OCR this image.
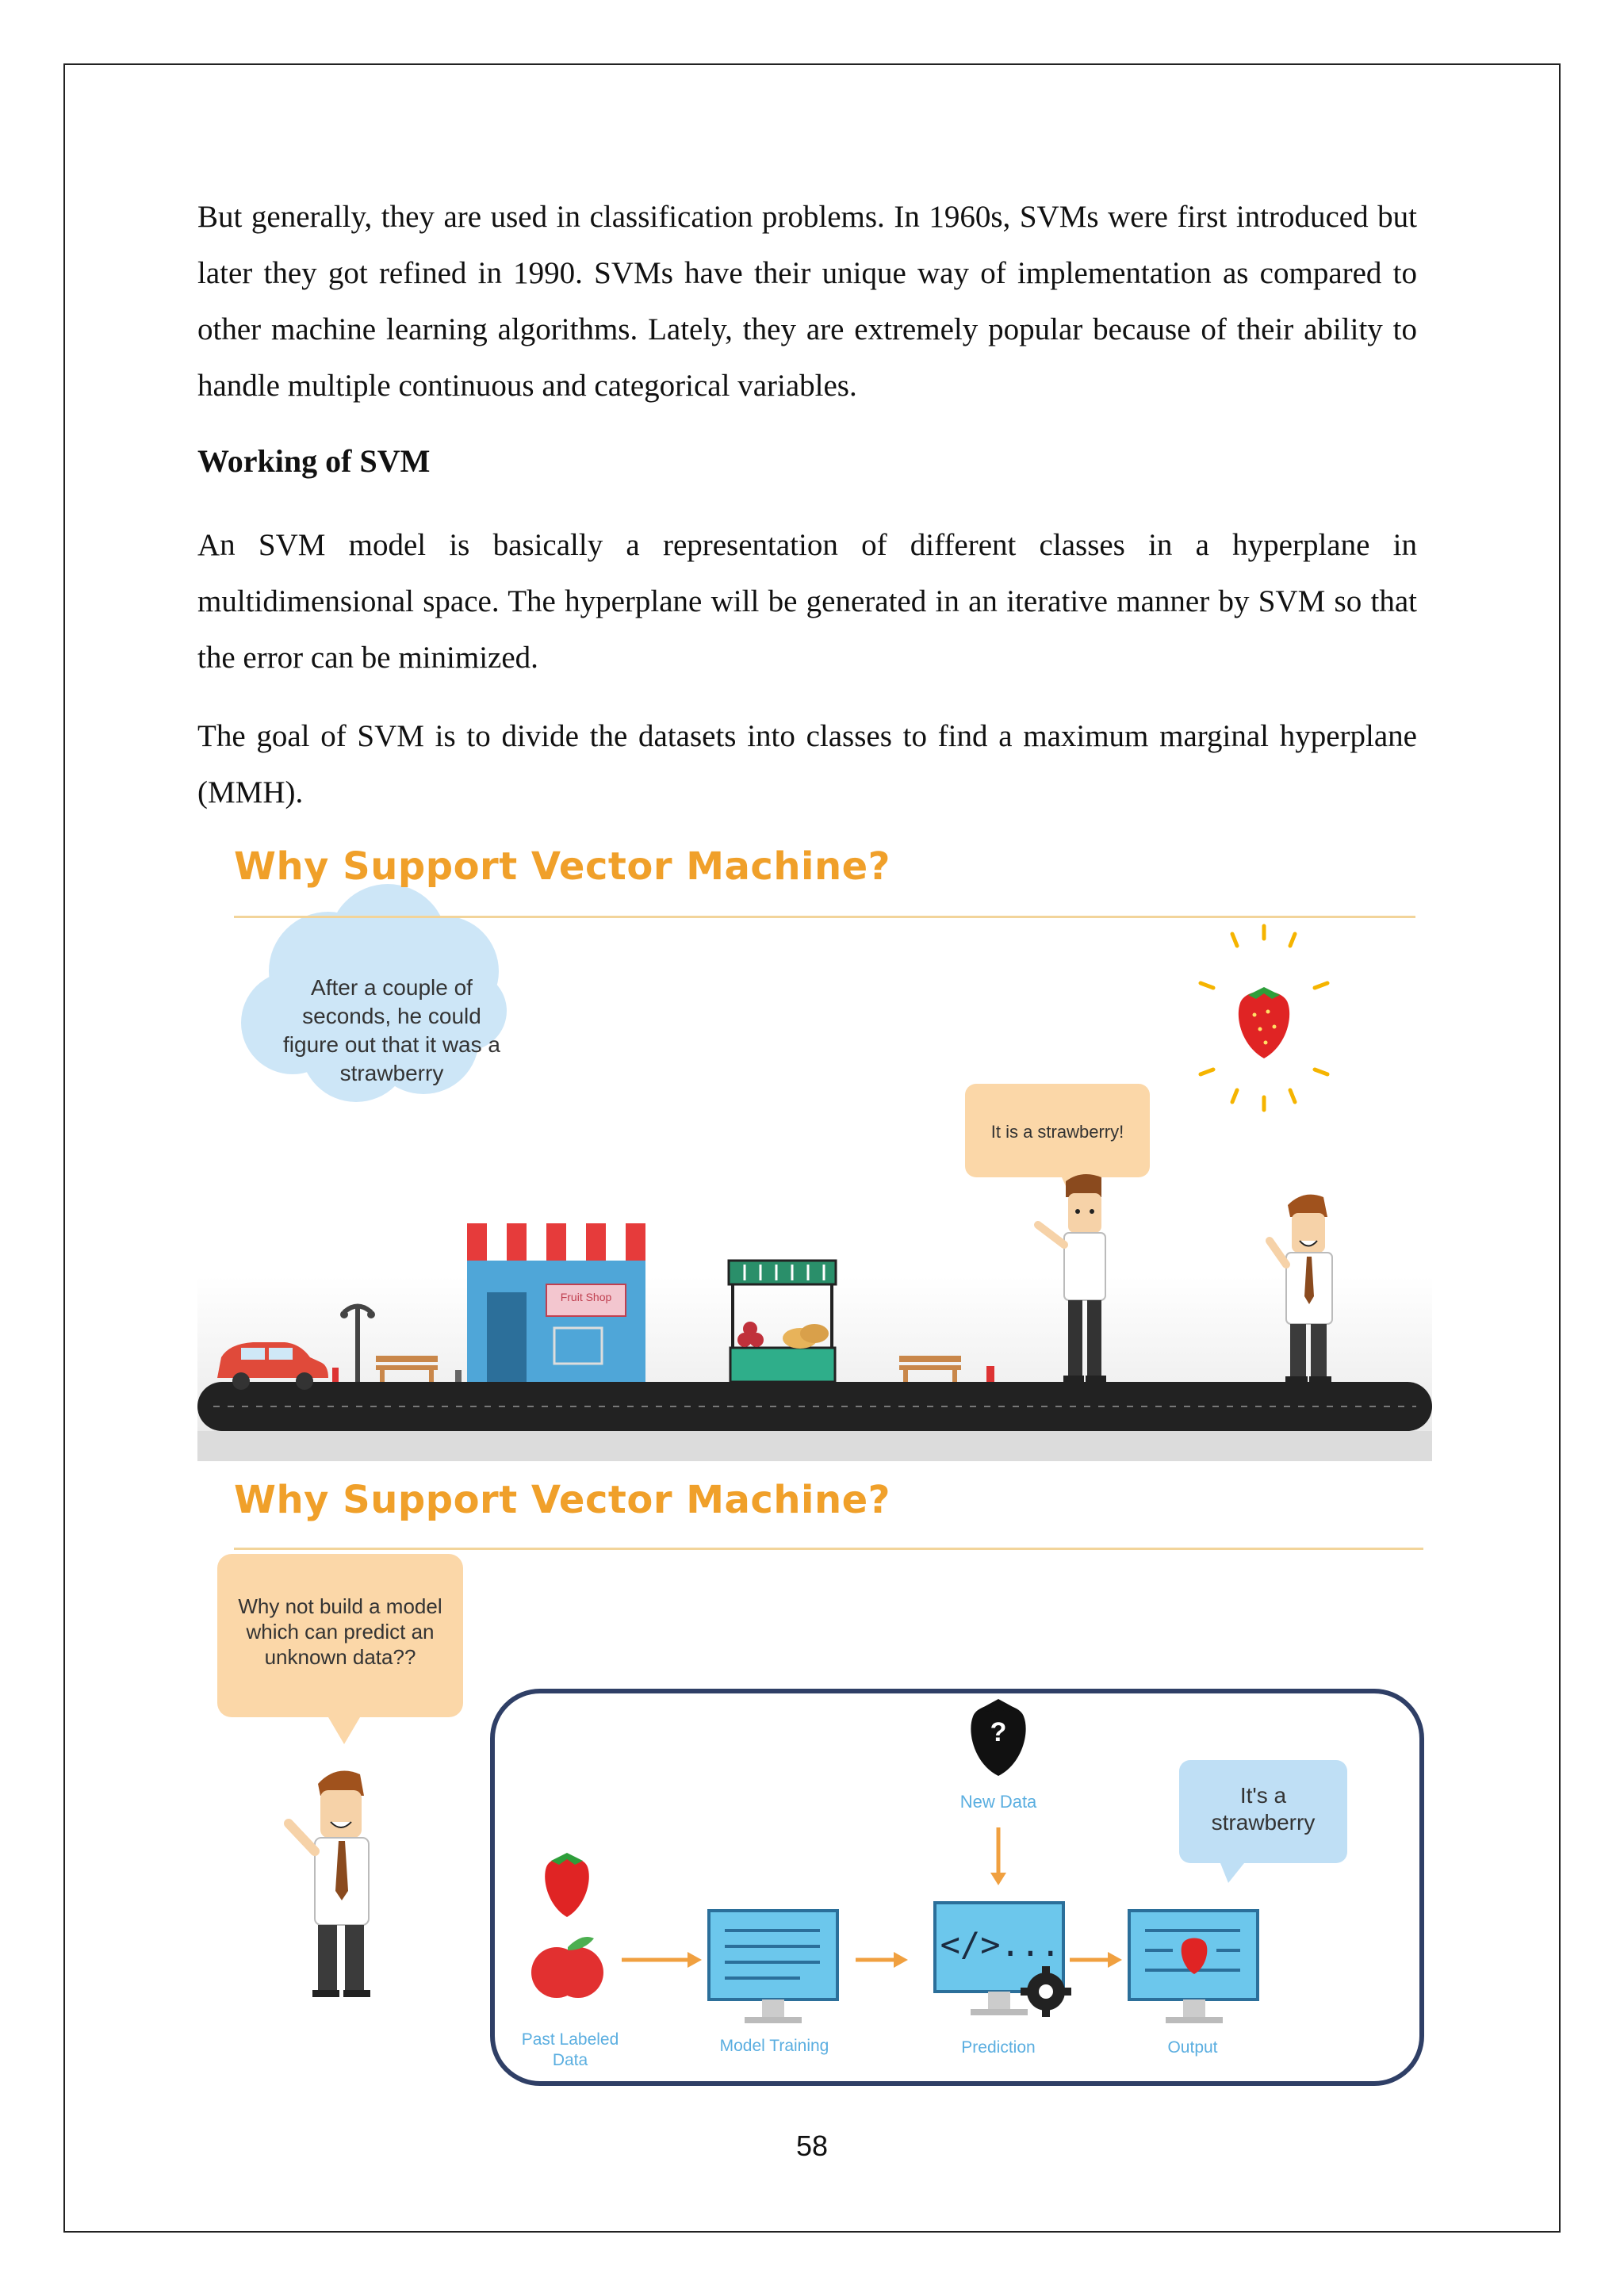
But generally, they are used in classification problems. In 1960s, SVMs were first introduced but later they got refined in 1990. SVMs have their unique way of implementation as compared to other machine learning algorithms. Lately, they are extremely popular because of their ability to handle multiple continuous and categorical variables.

Working of SVM

An SVM model is basically a representation of different classes in a hyperplane in multidimensional space. The hyperplane will be generated in an iterative manner by SVM so that the error can be minimized.

The goal of SVM is to divide the datasets into classes to find a maximum marginal hyperplane (MMH).

Why Support Vector Machine?
After a couple of
seconds, he could
figure out that it was a
strawberry
It is a strawberry!
Fruit Shop
Why Support Vector Machine?
Why not build a model
which can predict an
unknown data??
?
New Data	It's a
strawberry
</>...
Past Labeled
Data
Model Training	Prediction	Output
58
